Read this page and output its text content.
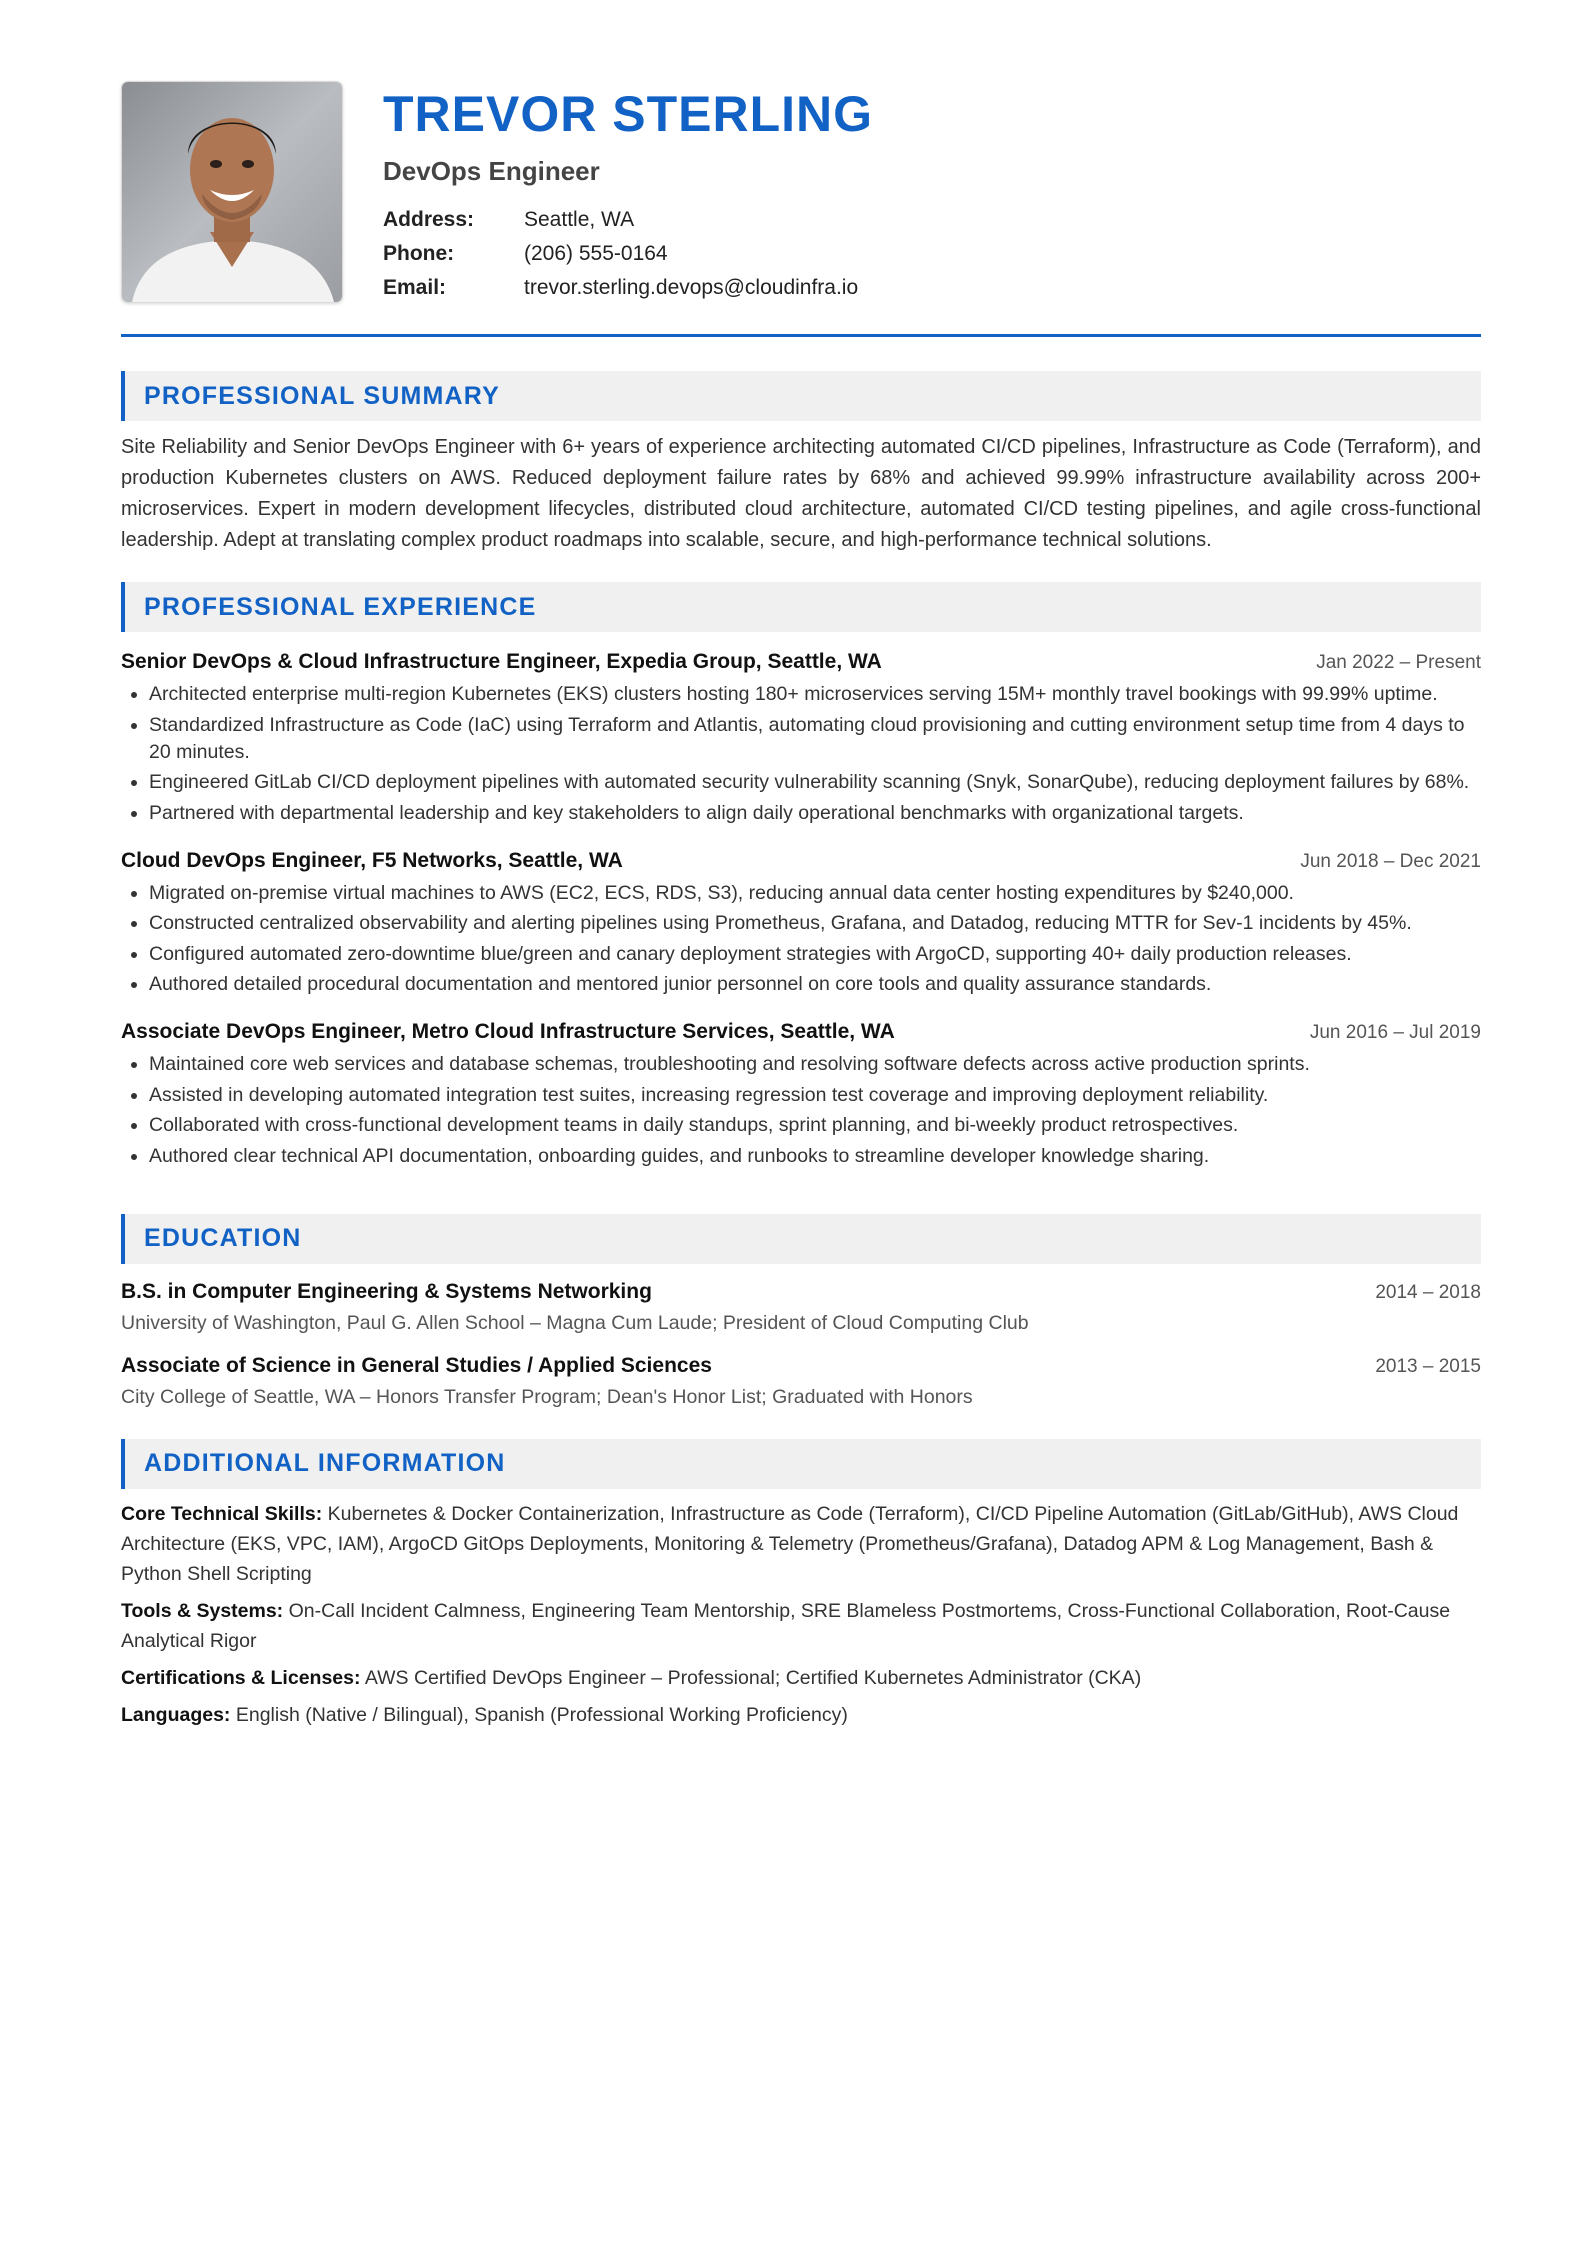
TREVOR STERLING
DevOps Engineer
Address:	Seattle, WA
Phone:	(206) 555-0164
Email:	trevor.sterling.devops@cloudinfra.io
PROFESSIONAL SUMMARY
Site Reliability and Senior DevOps Engineer with 6+ years of experience architecting automated CI/CD pipelines, Infrastructure as Code (Terraform), and production Kubernetes clusters on AWS. Reduced deployment failure rates by 68% and achieved 99.99% infrastructure availability across 200+ microservices. Expert in modern development lifecycles, distributed cloud architecture, automated CI/CD testing pipelines, and agile cross-functional leadership. Adept at translating complex product roadmaps into scalable, secure, and high-performance technical solutions.
PROFESSIONAL EXPERIENCE
Senior DevOps & Cloud Infrastructure Engineer, Expedia Group, Seattle, WA	Jan 2022 – Present
• Architected enterprise multi-region Kubernetes (EKS) clusters hosting 180+ microservices serving 15M+ monthly travel bookings with 99.99% uptime.
• Standardized Infrastructure as Code (IaC) using Terraform and Atlantis, automating cloud provisioning and cutting environment setup time from 4 days to 20 minutes.
• Engineered GitLab CI/CD deployment pipelines with automated security vulnerability scanning (Snyk, SonarQube), reducing deployment failures by 68%.
• Partnered with departmental leadership and key stakeholders to align daily operational benchmarks with organizational targets.
Cloud DevOps Engineer, F5 Networks, Seattle, WA	Jun 2018 – Dec 2021
• Migrated on-premise virtual machines to AWS (EC2, ECS, RDS, S3), reducing annual data center hosting expenditures by $240,000.
• Constructed centralized observability and alerting pipelines using Prometheus, Grafana, and Datadog, reducing MTTR for Sev-1 incidents by 45%.
• Configured automated zero-downtime blue/green and canary deployment strategies with ArgoCD, supporting 40+ daily production releases.
• Authored detailed procedural documentation and mentored junior personnel on core tools and quality assurance standards.
Associate DevOps Engineer, Metro Cloud Infrastructure Services, Seattle, WA	Jun 2016 – Jul 2019
• Maintained core web services and database schemas, troubleshooting and resolving software defects across active production sprints.
• Assisted in developing automated integration test suites, increasing regression test coverage and improving deployment reliability.
• Collaborated with cross-functional development teams in daily standups, sprint planning, and bi-weekly product retrospectives.
• Authored clear technical API documentation, onboarding guides, and runbooks to streamline developer knowledge sharing.
EDUCATION
B.S. in Computer Engineering & Systems Networking	2014 – 2018
University of Washington, Paul G. Allen School – Magna Cum Laude; President of Cloud Computing Club
Associate of Science in General Studies / Applied Sciences	2013 – 2015
City College of Seattle, WA – Honors Transfer Program; Dean's Honor List; Graduated with Honors
ADDITIONAL INFORMATION
Core Technical Skills: Kubernetes & Docker Containerization, Infrastructure as Code (Terraform), CI/CD Pipeline Automation (GitLab/GitHub), AWS Cloud Architecture (EKS, VPC, IAM), ArgoCD GitOps Deployments, Monitoring & Telemetry (Prometheus/Grafana), Datadog APM & Log Management, Bash & Python Shell Scripting
Tools & Systems: On-Call Incident Calmness, Engineering Team Mentorship, SRE Blameless Postmortems, Cross-Functional Collaboration, Root-Cause Analytical Rigor
Certifications & Licenses: AWS Certified DevOps Engineer – Professional; Certified Kubernetes Administrator (CKA)
Languages: English (Native / Bilingual), Spanish (Professional Working Proficiency)
